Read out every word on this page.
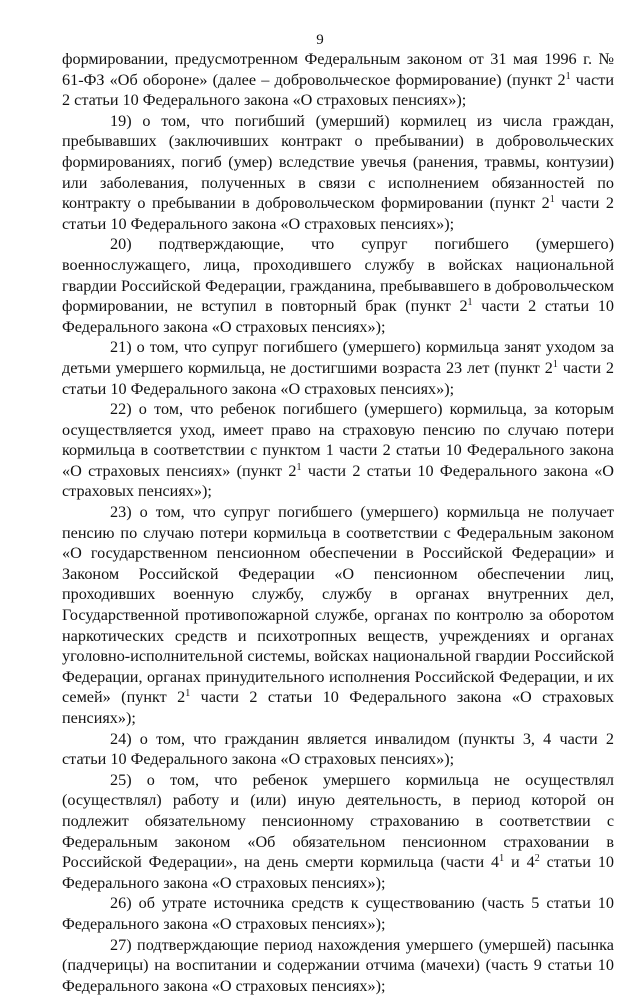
9

формировании, предусмотренном Федеральным законом от 31 мая 1996 г. № 61-ФЗ «Об обороне» (далее – добровольческое формирование) (пункт $2^1$ части 2 статьи 10 Федерального закона «О страховых пенсиях»);

19) о том, что погибший (умерший) кормилец из числа граждан, пребывавших (заключивших контракт о пребывании) в добровольческих формированиях, погиб (умер) вследствие увечья (ранения, травмы, контузии) или заболевания, полученных в связи с исполнением обязанностей по контракту о пребывании в добровольческом формировании (пункт $2^1$ части 2 статьи 10 Федерального закона «О страховых пенсиях»);

20) подтверждающие, что супруг погибшего (умершего) военнослужащего, лица, проходившего службу в войсках национальной гвардии Российской Федерации, гражданина, пребывавшего в добровольческом формировании, не вступил в повторный брак (пункт $2^1$ части 2 статьи 10 Федерального закона «О страховых пенсиях»);

21) о том, что супруг погибшего (умершего) кормильца занят уходом за детьми умершего кормильца, не достигшими возраста 23 лет (пункт $2^1$ части 2 статьи 10 Федерального закона «О страховых пенсиях»);

22) о том, что ребенок погибшего (умершего) кормильца, за которым осуществляется уход, имеет право на страховую пенсию по случаю потери кормильца в соответствии с пунктом 1 части 2 статьи 10 Федерального закона «О страховых пенсиях» (пункт $2^1$ части 2 статьи 10 Федерального закона «О страховых пенсиях»);

23) о том, что супруг погибшего (умершего) кормильца не получает пенсию по случаю потери кормильца в соответствии с Федеральным законом «О государственном пенсионном обеспечении в Российской Федерации» и Законом Российской Федерации «О пенсионном обеспечении лиц, проходивших военную службу, службу в органах внутренних дел, Государственной противопожарной службе, органах по контролю за оборотом наркотических средств и психотропных веществ, учреждениях и органах уголовно-исполнительной системы, войсках национальной гвардии Российской Федерации, органах принудительного исполнения Российской Федерации, и их семей» (пункт $2^1$ части 2 статьи 10 Федерального закона «О страховых пенсиях»);

24) о том, что гражданин является инвалидом (пункты 3, 4 части 2 статьи 10 Федерального закона «О страховых пенсиях»);

25) о том, что ребенок умершего кормильца не осуществлял (осуществлял) работу и (или) иную деятельность, в период которой он подлежит обязательному пенсионному страхованию в соответствии с Федеральным законом «Об обязательном пенсионном страховании в Российской Федерации», на день смерти кормильца (части $4^1$ и $4^2$ статьи 10 Федерального закона «О страховых пенсиях»);

26) об утрате источника средств к существованию (часть 5 статьи 10 Федерального закона «О страховых пенсиях»);

27) подтверждающие период нахождения умершего (умершей) пасынка (падчерицы) на воспитании и содержании отчима (мачехи) (часть 9 статьи 10 Федерального закона «О страховых пенсиях»);
